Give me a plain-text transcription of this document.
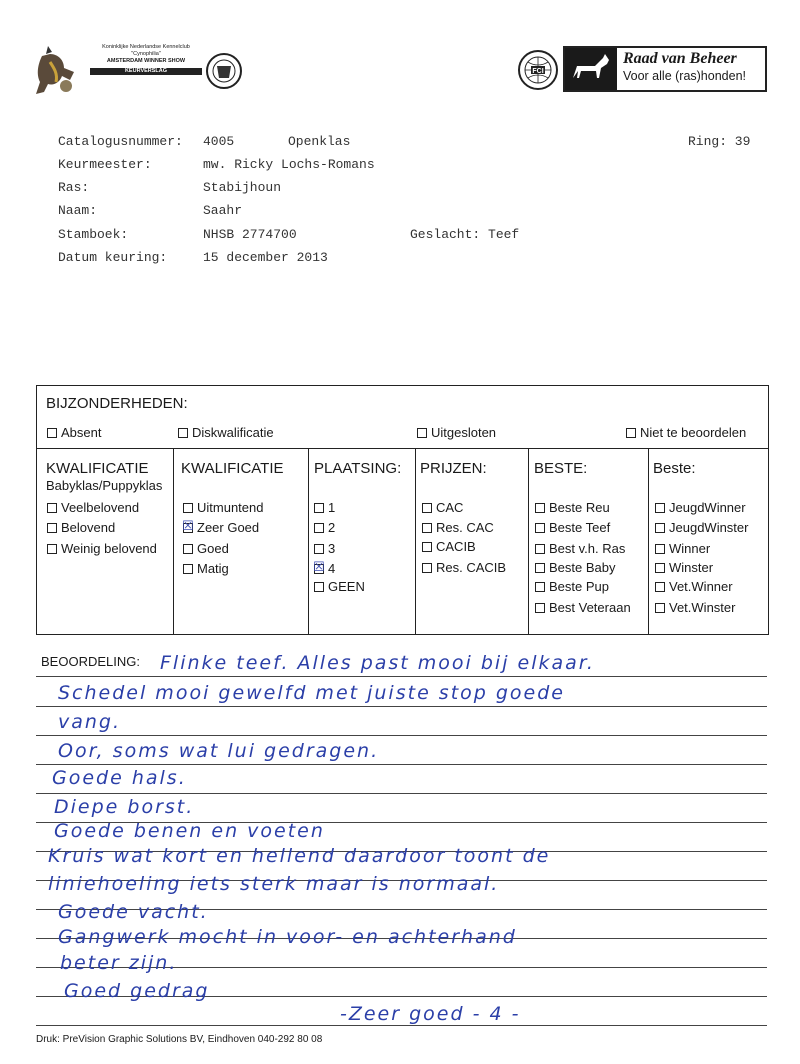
Koninklijke Nederlandse Kennelclub
"Cynophilia"
AMSTERDAM WINNER SHOW
KEURVERSLAG	FCI
Raad van Beheer
Voor alle (ras)honden!
Catalogusnummer: 4005	Openklas	Ring: 39
Keurmeester:	mw. Ricky Lochs-Romans
Ras:	Stabijhoun
Naam:	Saahr
Stamboek:	NHSB 2774700	Geslacht: Teef
Datum keuring:	15 december 2013
BIJZONDERHEDEN:
Absent	Diskwalificatie	Uitgesloten	Niet te beoordelen
KWALIFICATIE
Babyklas/Puppyklas
Veelbelovend
Belovend
Weinig belovend
KWALIFICATIE
Uitmuntend
☒ Zeer Goed
Goed
Matig
PLAATSING:
1
2
3
☒ 4
GEEN
PRIJZEN:
CAC
Res. CAC
CACIB
Res. CACIB
BESTE:
Beste Reu
Beste Teef
Best v.h. Ras
Beste Baby
Beste Pup
Best Veteraan
Beste:
JeugdWinner
JeugdWinster
Winner
Winster
Vet.Winner
Vet.Winster
BEOORDELING: Flinke teef. Alles past mooi bij elkaar.
Schedel mooi gewelfd met juiste stop goede
vang.
Oor, soms wat lui gedragen.
Goede hals.
Diepe borst.
Goede benen en voeten
Kruis wat kort en hellend daardoor toont de
liniehoeling iets sterk maar is normaal.
Goede vacht.
Gangwerk mocht in voor- en achterhand
beter zijn.
Goed gedrag
-Zeer goed - 4 -
Druk: PreVision Graphic Solutions BV, Eindhoven 040-292 80 08
